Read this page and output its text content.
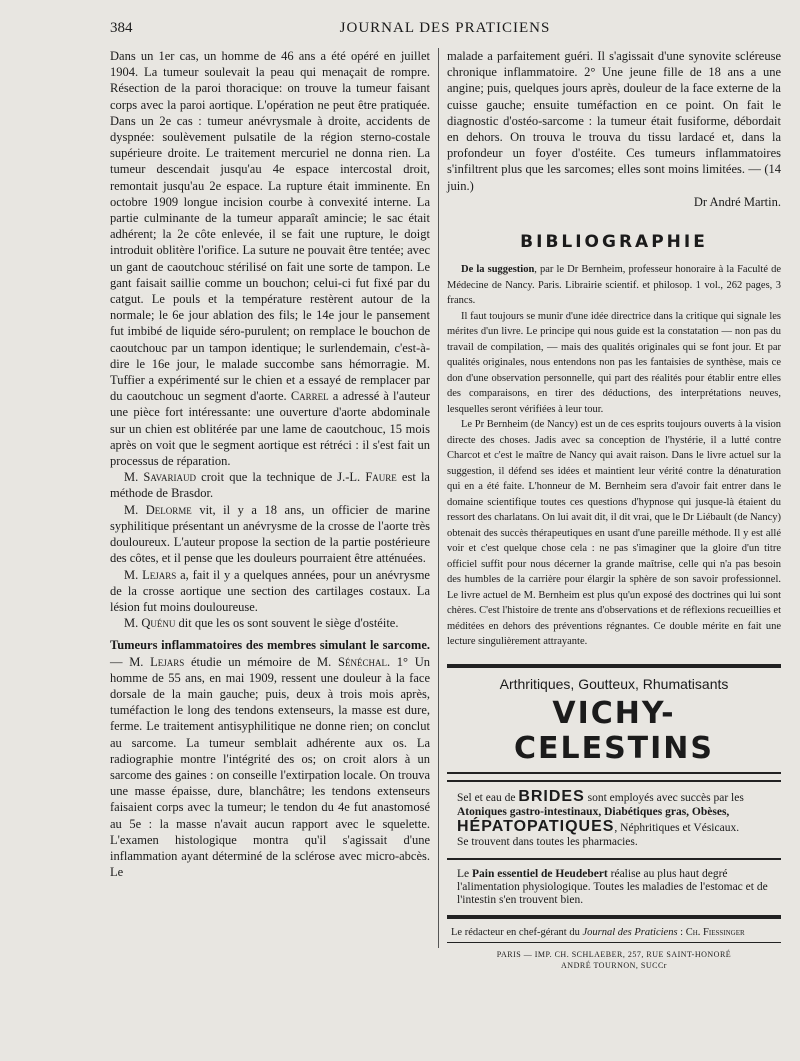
384	JOURNAL DES PRATICIENS

Dans un 1er cas, un homme de 46 ans a été opéré en juillet 1904. La tumeur soulevait la peau qui menaçait de rompre. Résection de la paroi thoracique: on trouve la tumeur faisant corps avec la paroi aortique. L'opération ne peut être pratiquée. Dans un 2e cas : tumeur anévrysmale à droite, accidents de dyspnée: soulèvement pulsatile de la région sterno-costale supérieure droite. Le traitement mercuriel ne donna rien. La tumeur descendait jusqu'au 4e espace intercostal droit, remontait jusqu'au 2e espace. La rupture était imminente. En octobre 1909 longue incision courbe à convexité interne. La partie culminante de la tumeur apparaît amincie; le sac était adhérent; la 2e côte enlevée, il se fait une rupture, le doigt introduit oblitère l'orifice. La suture ne pouvait être tentée; avec un gant de caoutchouc stérilisé on fait une sorte de tampon. Le gant faisait saillie comme un bouchon; celui-ci fut fixé par du catgut. Le pouls et la température restèrent autour de la normale; le 6e jour ablation des fils; le 14e jour le pansement fut imbibé de liquide séro-purulent; on remplace le bouchon de caoutchouc par un tampon identique; le surlendemain, c'est-à-dire le 16e jour, le malade succombe sans hémorragie. M. Tuffier a expérimenté sur le chien et a essayé de remplacer par du caoutchouc un segment d'aorte. Carrel a adressé à l'auteur une pièce fort intéressante: une ouverture d'aorte abdominale sur un chien est oblitérée par une lame de caoutchouc, 15 mois après on voit que le segment aortique est rétréci : il s'est fait un processus de réparation.

M. Savariaud croit que la technique de J.-L. Faure est la méthode de Brasdor.

M. Delorme vit, il y a 18 ans, un officier de marine syphilitique présentant un anévrysme de la crosse de l'aorte très douloureux. L'auteur propose la section de la partie postérieure des côtes, et il pense que les douleurs pourraient être atténuées.

M. Lejars a, fait il y a quelques années, pour un anévrysme de la crosse aortique une section des cartilages costaux. La lésion fut moins douloureuse.

M. Quénu dit que les os sont souvent le siège d'ostéite.

Tumeurs inflammatoires des membres simulant le sarcome. — M. Lejars étudie un mémoire de M. Sénéchal. 1° Un homme de 55 ans, en mai 1909, ressent une douleur à la face dorsale de la main gauche; puis, deux à trois mois après, tuméfaction le long des tendons extenseurs, la masse est dure, ferme. Le traitement antisyphilitique ne donne rien; on conclut au sarcome. La tumeur semblait adhérente aux os. La radiographie montre l'intégrité des os; on croit alors à un sarcome des gaines : on conseille l'extirpation locale. On trouva une masse épaisse, dure, blanchâtre; les tendons extenseurs faisaient corps avec la tumeur; le tendon du 4e fut anastomosé au 5e : la masse n'avait aucun rapport avec le squelette. L'examen histologique montra qu'il s'agissait d'une inflammation ayant déterminé de la sclérose avec micro-abcès. Le

malade a parfaitement guéri. Il s'agissait d'une synovite scléreuse chronique inflammatoire. 2° Une jeune fille de 18 ans a une angine; puis, quelques jours après, douleur de la face externe de la cuisse gauche; ensuite tuméfaction en ce point. On fait le diagnostic d'ostéo-sarcome : la tumeur était fusiforme, débordait en dehors. On trouva le trouva du tissu lardacé et, dans la profondeur un foyer d'ostéite. Ces tumeurs inflammatoires s'infiltrent plus que les sarcomes; elles sont moins limitées. — (14 juin.)

Dr André Martin.

BIBLIOGRAPHIE

De la suggestion, par le Dr Bernheim, professeur honoraire à la Faculté de Médecine de Nancy. Paris. Librairie scientif. et philosop. 1 vol., 262 pages, 3 francs.

Il faut toujours se munir d'une idée directrice dans la critique qui signale les mérites d'un livre. Le principe qui nous guide est la constatation — non pas du travail de compilation, — mais des qualités originales qui se font jour. Et par qualités originales, nous entendons non pas les fantaisies de synthèse, mais ce don d'une observation personnelle, qui part des réalités pour établir entre elles des comparaisons, en tirer des déductions, des interprétations neuves, lesquelles seront vérifiées à leur tour.

Le Pr Bernheim (de Nancy) est un de ces esprits toujours ouverts à la vision directe des choses. Jadis avec sa conception de l'hystérie, il a lutté contre Charcot et c'est le maître de Nancy qui avait raison. Dans le livre actuel sur la suggestion, il défend ses idées et maintient leur vérité contre la dénaturation qui en a été faite. L'honneur de M. Bernheim sera d'avoir fait entrer dans le domaine scientifique toutes ces questions d'hypnose qui jusque-là étaient du ressort des charlatans. On lui avait dit, il dit vrai, que le Dr Liébault (de Nancy) obtenait des succès thérapeutiques en usant d'une pareille méthode. Il y est allé voir et c'est quelque chose cela : ne pas s'imaginer que la gloire d'un titre officiel suffit pour nous décerner la grande maîtrise, celle qui n'a pas besoin des humbles de la carrière pour élargir la sphère de son savoir professionnel. Le livre actuel de M. Bernheim est plus qu'un exposé des doctrines qui lui sont chères. C'est l'histoire de trente ans d'observations et de réflexions recueillies et méditées en dehors des préventions régnantes. Ce double mérite en fait une lecture singulièrement attrayante.

Arthritiques, Goutteux, Rhumatisants
VICHY-CELESTINS
Sel et eau de BRIDES sont employés avec succès par les
Atoniques gastro-intestinaux, Diabétiques gras, Obèses,
HÉPATOPATIQUES, Néphritiques et Vésicaux.
Se trouvent dans toutes les pharmacies.
Le Pain essentiel de Heudebert réalise au plus haut degré l'alimentation physiologique. Toutes les maladies de l'estomac et de l'intestin s'en trouvent bien.
Le rédacteur en chef-gérant du Journal des Praticiens : Ch. Fiessinger
PARIS — IMP. CH. SCHLAEBER, 257, RUE SAINT-HONORÉ
ANDRÉ TOURNON, SUCCr
